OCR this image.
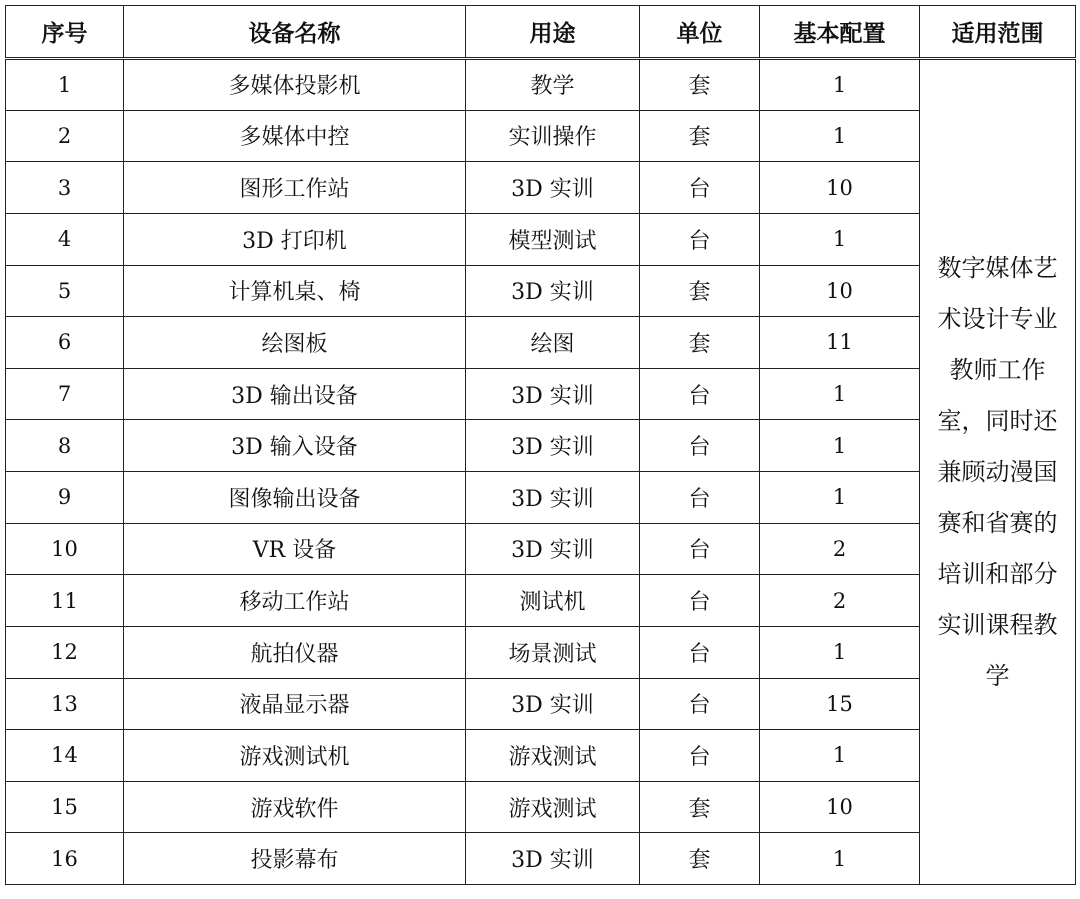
序号	设备名称	用途	单位	基本配置	适用范围
1	多媒体投影机	教学	套	1	数字媒体艺术设计专业教师工作室，同时还兼顾动漫国赛和省赛的培训和部分实训课程教学
2	多媒体中控	实训操作	套	1	
3	图形工作站	3D 实训	台	10	
4	3D 打印机	模型测试	台	1	
5	计算机桌、椅	3D 实训	套	10	
6	绘图板	绘图	套	11	
7	3D 输出设备	3D 实训	台	1	
8	3D 输入设备	3D 实训	台	1	
9	图像输出设备	3D 实训	台	1	
10	VR 设备	3D 实训	台	2	
11	移动工作站	测试机	台	2	
12	航拍仪器	场景测试	台	1	
13	液晶显示器	3D 实训	台	15	
14	游戏测试机	游戏测试	台	1	
15	游戏软件	游戏测试	套	10	
16	投影幕布	3D 实训	套	1	
